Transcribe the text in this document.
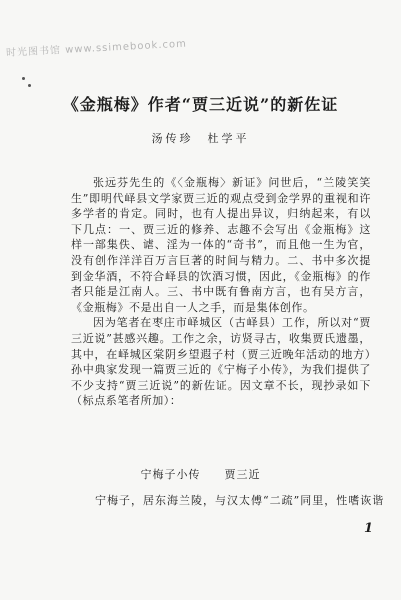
时光图书馆 www.ssimebook.com
《金瓶梅》作者“贾三近说”的新佐证
汤传珍　杜学平

张远芬先生的《〈金瓶梅〉新证》问世后，“兰陵笑笑生”即明代峄县文学家贾三近的观点受到金学界的重视和许多学者的肯定。同时，也有人提出异议，归纳起来，有以下几点：一、贾三近的修养、志趣不会写出《金瓶梅》这样一部集佚、谑、淫为一体的“奇书”，而且他一生为官，没有创作洋洋百万言巨著的时间与精力。二、书中多次提到金华酒，不符合峄县的饮酒习惯，因此，《金瓶梅》的作者只能是江南人。三、书中既有鲁南方言，也有吴方言，《金瓶梅》不是出自一人之手，而是集体创作。

因为笔者在枣庄市峄城区（古峄县）工作，所以对“贾三近说”甚感兴趣。工作之余，访贤寻古，收集贾氏遗墨，其中，在峄城区棠阴乡望遐子村（贾三近晚年活动的地方）孙中典家发现一篇贾三近的《宁梅子小传》，为我们提供了不少支持“贾三近说”的新佐证。因文章不长，现抄录如下（标点系笔者所加）：

宁梅子小传　　贾三近
宁梅子，居东海兰陵，与汉太傅“二疏”同里，性嗜诙谐
1
